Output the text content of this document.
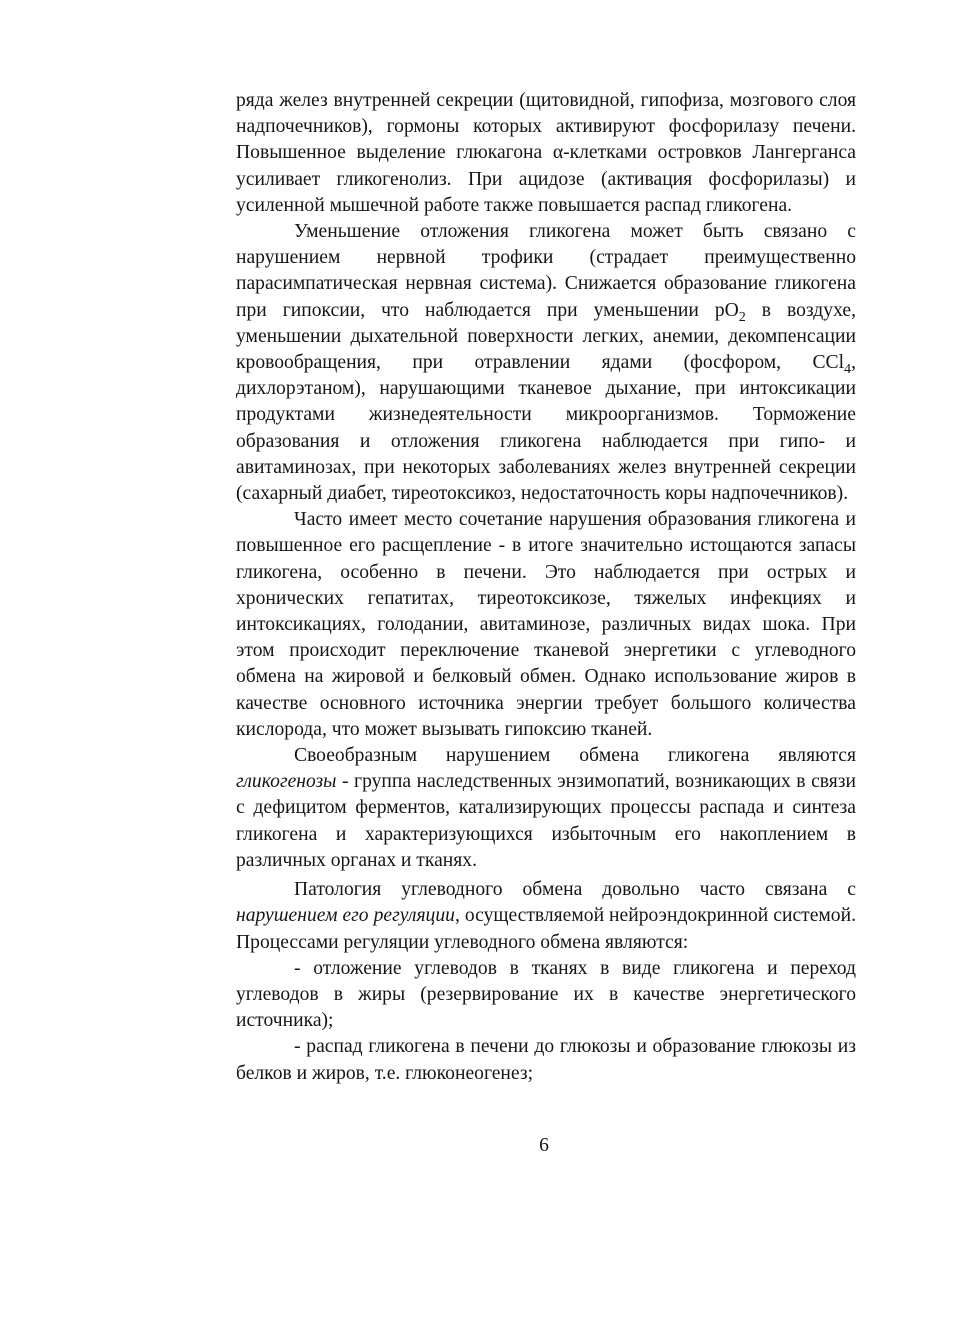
ряда желез внутренней секреции (щитовидной, гипофиза, мозгового слоя надпочечников), гормоны которых активируют фосфорилазу печени. Повышенное выделение глюкагона α-клетками островков Лангерганса усиливает гликогенолиз. При ацидозе (активация фосфорилазы) и усиленной мышечной работе также повышается распад гликогена.

Уменьшение отложения гликогена может быть связано с нарушением нервной трофики (страдает преимущественно парасимпатическая нервная система). Снижается образование гликогена при гипоксии, что наблюдается при уменьшении $pO_2$ в воздухе, уменьшении дыхательной поверхности легких, анемии, декомпенсации кровообращения, при отравлении ядами (фосфором, CCl$_4$, дихлорэтаном), нарушающими тканевое дыхание, при интоксикации продуктами жизнедеятельности микроорганизмов. Торможение образования и отложения гликогена наблюдается при гипо- и авитаминозах, при некоторых заболеваниях желез внутренней секреции (сахарный диабет, тиреотоксикоз, недостаточность коры надпочечников).

Часто имеет место сочетание нарушения образования гликогена и повышенное его расщепление - в итоге значительно истощаются запасы гликогена, особенно в печени. Это наблюдается при острых и хронических гепатитах, тиреотоксикозе, тяжелых инфекциях и интоксикациях, голодании, авитаминозе, различных видах шока. При этом происходит переключение тканевой энергетики с углеводного обмена на жировой и белковый обмен. Однако использование жиров в качестве основного источника энергии требует большого количества кислорода, что может вызывать гипоксию тканей.

Своеобразным нарушением обмена гликогена являются гликогенозы - группа наследственных энзимопатий, возникающих в связи с дефицитом ферментов, катализирующих процессы распада и синтеза гликогена и характеризующихся избыточным его накоплением в различных органах и тканях.

Патология углеводного обмена довольно часто связана с нарушением его регуляции, осуществляемой нейроэндокринной системой. Процессами регуляции углеводного обмена являются:

- отложение углеводов в тканях в виде гликогена и переход углеводов в жиры (резервирование их в качестве энергетического источника);

- распад гликогена в печени до глюкозы и образование глюкозы из белков и жиров, т.е. глюконеогенез;

6
